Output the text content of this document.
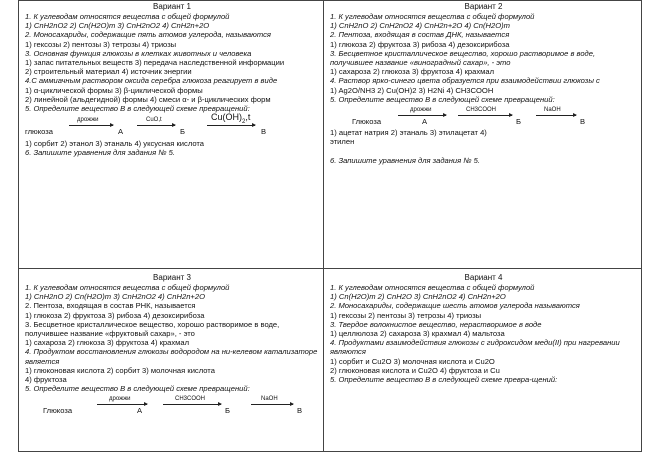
Вариант 1
1. К углеводам относятся вещества с общей формулой
1) CnH2nO2 2) Cn(H2O)m 3) CnH2nO2 4) CnH2n+2O
2. Моносахариды, содержащие пять атомов углерода, называются
1) гексозы 2) пентозы 3) тетрозы 4) триозы
3. Основная функция глюкозы в клетках животных и человека
1) запас питательных веществ 3) передача наследственной информации
2) строительный материал 4) источник энергии
4.С аммиачным раствором оксида серебра глюкоза реагирует в виде
1) α-циклической формы 3) β-циклической формы
2) линейной (альдегидной) формы 4) смеси α- и β-циклических форм
5. Определите вещество В в следующей схеме превращений:
глюкоза
дрожжи
А
CuO,t
Б
$Cu(OH)_2,t$
В
1) сорбит 2) этанол 3) этаналь 4) уксусная кислота
6. Запишите уравнения для задания № 5.
Вариант 2
1. К углеводам относятся вещества с общей формулой
1) CnH2nO 2) CnH2nO2 4) CnH2n+2O 4) Cn(H2O)m
2. Пентоза, входящая в состав ДНК, называется
1) глюкоза 2) фруктоза 3) рибоза 4) дезоксирибоза
3. Бесцветное кристаллическое вещество, хорошо растворимое в воде, получившее название «виноградный сахар», - это
1) сахароза 2) глюкоза 3) фруктоза 4) крахмал
4. Раствор ярко-синего цвета образуется при взаимодействии глюкозы с
1) Ag2O/NH3 2) Cu(OH)2 3) H2Ni 4) CH3COOH
5. Определите вещество В в следующей схеме превращений:
Глюкоза
дрожжи
А
CH3COOH
Б
NaOH
В
1) ацетат натрия 2) этаналь 3) этилацетат 4)
этилен
6. Запишите уравнения для задания № 5.
Вариант 3
1. К углеводам относятся вещества с общей формулой
1) CnH2nO 2) Cn(H2O)m 3) CnH2nO2 4) CnH2n+2O
2. Пентоза, входящая в состав РНК, называется
1) глюкоза 2) фруктоза 3) рибоза 4) дезоксирибоза
3. Бесцветное кристаллическое вещество, хорошо растворимое в воде, получившее название «фруктовый сахар», - это
1) сахароза 2) глюкоза 3) фруктоза 4) крахмал
4. Продуктом восстановления глюкозы водородом на ни-келевом катализаторе является
1) глюконовая кислота 2) сорбит 3) молочная кислота
4) фруктоза
5. Определите вещество В в следующей схеме превращений:
Глюкоза
дрожжи
А
CH3COOH
Б
NaOH
В
Вариант 4
1. К углеводам относятся вещества с общей формулой
1) Cn(H2O)m 2) CnH2O 3) CnH2nO2 4) CnH2n+2O
2. Моносахариды, содержащие шесть атомов углерода называются
1) гексозы 2) пентозы 3) тетрозы 4) триозы
3. Твердое волокнистое вещество, нерастворимое в воде
1) целлюлоза 2) сахароза 3) крахмал 4) мальтоза
4. Продуктами взаимодействия глюкозы с гидроксидом меди(II) при нагревании являются
1) сорбит и Cu2O 3) молочная кислота и Cu2O
2) глюконовая кислота и Cu2O 4) фруктоза и Cu
5. Определите вещество В в следующей схеме превра-щений:
